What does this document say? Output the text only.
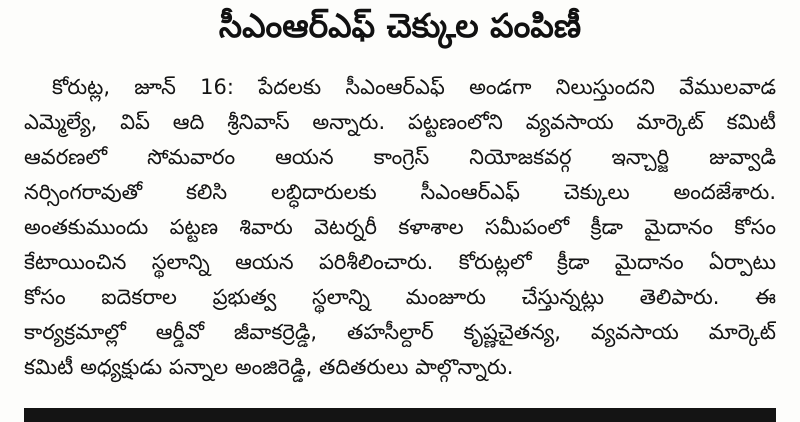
సీఎంఆర్ఎఫ్ చెక్కుల పంపిణీ
కోరుట్ల, జూన్ 16: పేదలకు సీఎంఆర్ఎఫ్ అండగా నిలుస్తుందని వేములవాడ
ఎమ్మెల్యే, విప్ ఆది శ్రీనివాస్ అన్నారు. పట్టణంలోని వ్యవసాయ మార్కెట్ కమిటీ
ఆవరణలో సోమవారం ఆయన కాంగ్రెస్ నియోజకవర్గ ఇన్చార్జి జువ్వాడి
నర్సింగరావుతో కలిసి లబ్ధిదారులకు సీఎంఆర్ఎఫ్ చెక్కులు అందజేశారు.
అంతకుముందు పట్టణ శివారు వెటర్నరీ కళాశాల సమీపంలో క్రీడా మైదానం కోసం
కేటాయించిన స్థలాన్ని ఆయన పరిశీలించారు. కోరుట్లలో క్రీడా మైదానం ఏర్పాటు
కోసం ఐదెకరాల ప్రభుత్వ స్థలాన్ని మంజూరు చేస్తున్నట్లు తెలిపారు. ఈ
కార్యక్రమాల్లో ఆర్డీవో జీవాకర్రెడ్డి, తహసీల్దార్ కృష్ణచైతన్య, వ్యవసాయ మార్కెట్
కమిటీ అధ్యక్షుడు పన్నాల అంజిరెడ్డి, తదితరులు పాల్గొన్నారు.
